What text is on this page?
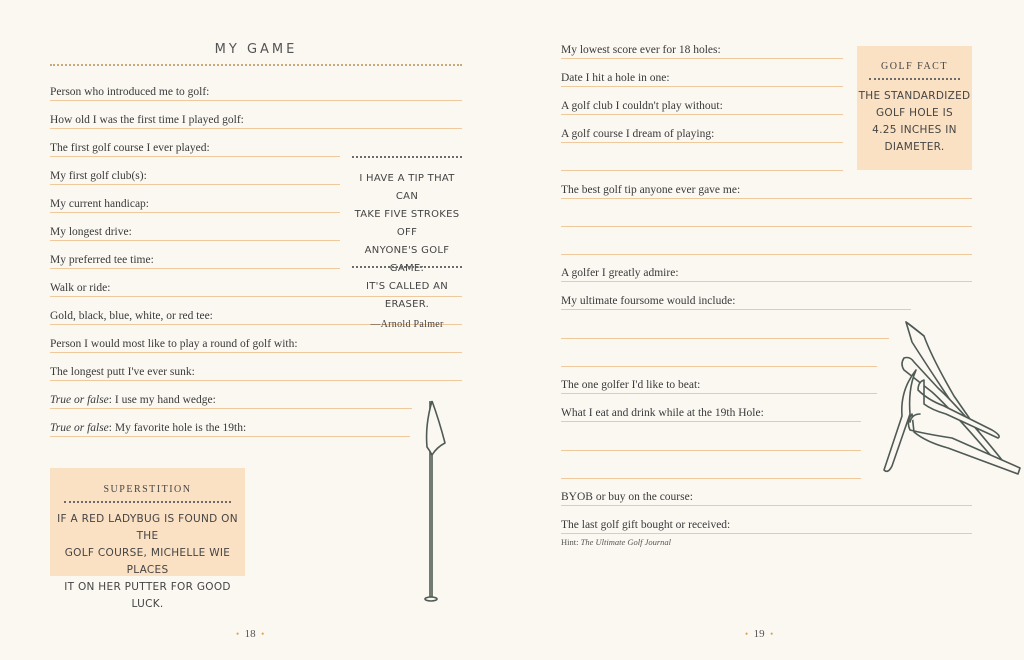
MY GAME
Person who introduced me to golf:
How old I was the first time I played golf:
The first golf course I ever played:
My first golf club(s):
My current handicap:
My longest drive:
My preferred tee time:
Walk or ride:
Gold, black, blue, white, or red tee:
Person I would most like to play a round of golf with:
The longest putt I've ever sunk:
True or false: I use my hand wedge:
True or false: My favorite hole is the 19th:
I HAVE A TIP THAT CAN
TAKE FIVE STROKES OFF
ANYONE'S GOLF GAME:
IT'S CALLED AN ERASER.
—Arnold Palmer
SUPERSTITION
IF A RED LADYBUG IS FOUND ON THE
GOLF COURSE, MICHELLE WIE PLACES
IT ON HER PUTTER FOR GOOD LUCK.
• 18 •
My lowest score ever for 18 holes:
Date I hit a hole in one:
A golf club I couldn't play without:
A golf course I dream of playing:
The best golf tip anyone ever gave me:
A golfer I greatly admire:
My ultimate foursome would include:
The one golfer I'd like to beat:
What I eat and drink while at the 19th Hole:
BYOB or buy on the course:
The last golf gift bought or received:
Hint: The Ultimate Golf Journal
GOLF FACT
THE STANDARDIZED
GOLF HOLE IS
4.25 INCHES IN
DIAMETER.
• 19 •
